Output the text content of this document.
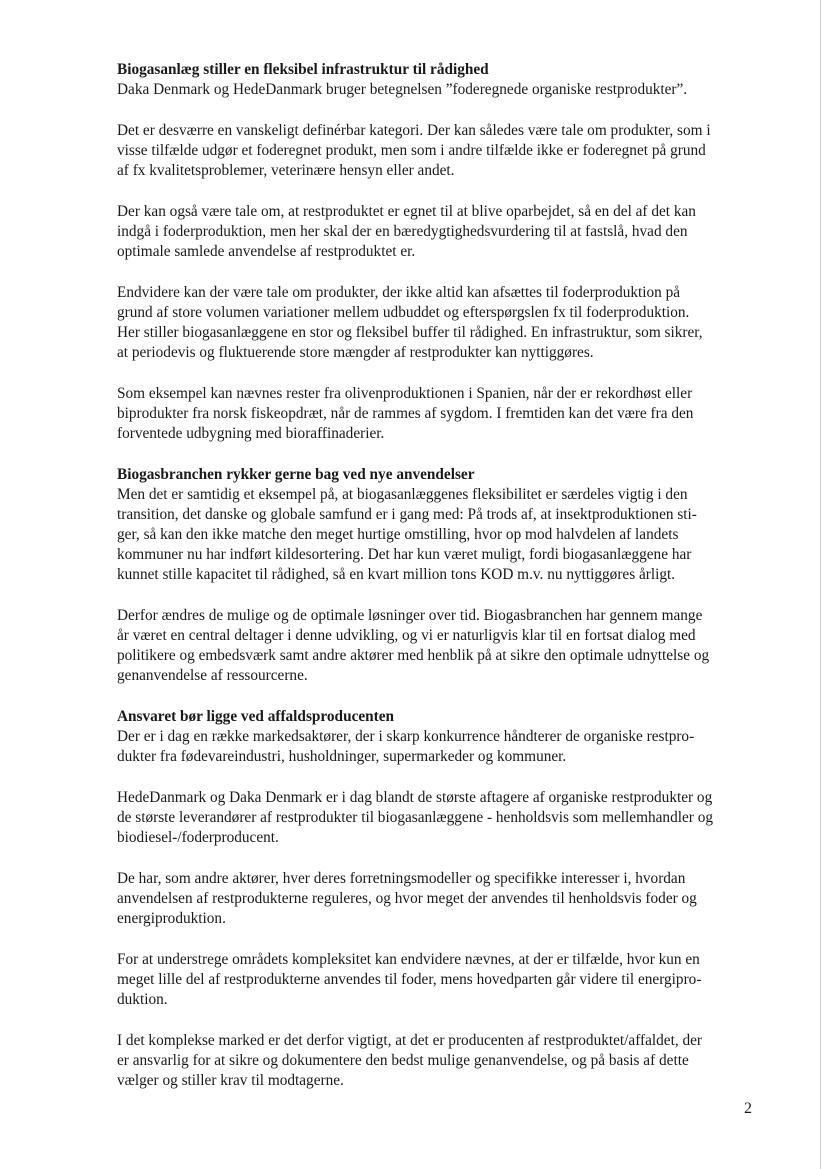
Biogasanlæg stiller en fleksibel infrastruktur til rådighed
Daka Denmark og HedeDanmark bruger betegnelsen ”foderegnede organiske restprodukter”.
Det er desværre en vanskeligt definérbar kategori. Der kan således være tale om produkter, som i
visse tilfælde udgør et foderegnet produkt, men som i andre tilfælde ikke er foderegnet på grund
af fx kvalitetsproblemer, veterinære hensyn eller andet.
Der kan også være tale om, at restproduktet er egnet til at blive oparbejdet, så en del af det kan
indgå i foderproduktion, men her skal der en bæredygtighedsvurdering til at fastslå, hvad den
optimale samlede anvendelse af restproduktet er.
Endvidere kan der være tale om produkter, der ikke altid kan afsættes til foderproduktion på
grund af store volumen variationer mellem udbuddet og efterspørgslen fx til foderproduktion.
Her stiller biogasanlæggene en stor og fleksibel buffer til rådighed. En infrastruktur, som sikrer,
at periodevis og fluktuerende store mængder af restprodukter kan nyttiggøres.
Som eksempel kan nævnes rester fra olivenproduktionen i Spanien, når der er rekordhøst eller
biprodukter fra norsk fiskeopdræt, når de rammes af sygdom. I fremtiden kan det være fra den
forventede udbygning med bioraffinaderier.
Biogasbranchen rykker gerne bag ved nye anvendelser
Men det er samtidig et eksempel på, at biogasanlæggenes fleksibilitet er særdeles vigtig i den
transition, det danske og globale samfund er i gang med: På trods af, at insektproduktionen sti-
ger, så kan den ikke matche den meget hurtige omstilling, hvor op mod halvdelen af landets
kommuner nu har indført kildesortering. Det har kun været muligt, fordi biogasanlæggene har
kunnet stille kapacitet til rådighed, så en kvart million tons KOD m.v. nu nyttiggøres årligt.
Derfor ændres de mulige og de optimale løsninger over tid. Biogasbranchen har gennem mange
år været en central deltager i denne udvikling, og vi er naturligvis klar til en fortsat dialog med
politikere og embedsværk samt andre aktører med henblik på at sikre den optimale udnyttelse og
genanvendelse af ressourcerne.
Ansvaret bør ligge ved affaldsproducenten
Der er i dag en række markedsaktører, der i skarp konkurrence håndterer de organiske restpro-
dukter fra fødevareindustri, husholdninger, supermarkeder og kommuner.
HedeDanmark og Daka Denmark er i dag blandt de største aftagere af organiske restprodukter og
de største leverandører af restprodukter til biogasanlæggene - henholdsvis som mellemhandler og
biodiesel-/foderproducent.
De har, som andre aktører, hver deres forretningsmodeller og specifikke interesser i, hvordan
anvendelsen af restprodukterne reguleres, og hvor meget der anvendes til henholdsvis foder og
energiproduktion.
For at understrege områdets kompleksitet kan endvidere nævnes, at der er tilfælde, hvor kun en
meget lille del af restprodukterne anvendes til foder, mens hovedparten går videre til energipro-
duktion.
I det komplekse marked er det derfor vigtigt, at det er producenten af restproduktet/affaldet, der
er ansvarlig for at sikre og dokumentere den bedst mulige genanvendelse, og på basis af dette
vælger og stiller krav til modtagerne.
2
